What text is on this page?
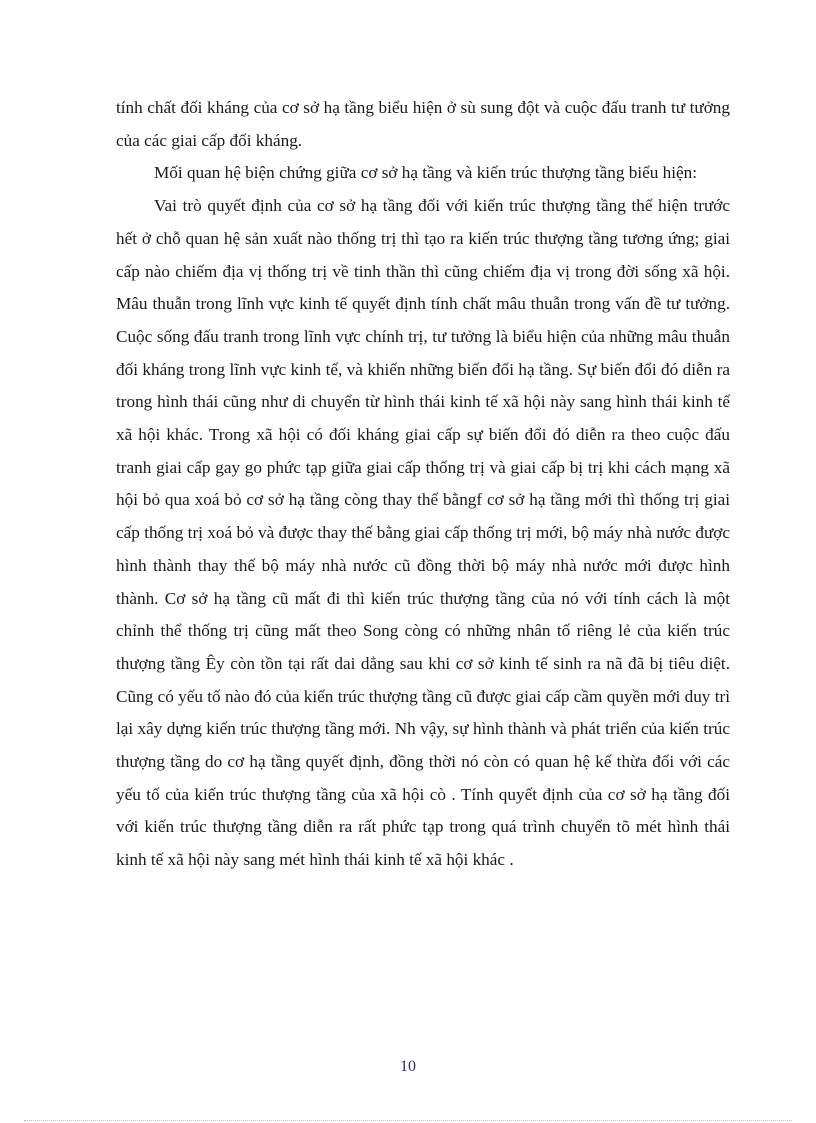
tính chất đối kháng của cơ sở hạ tầng biểu hiện ở sù sung đột và cuộc đấu tranh tư tưởng của các giai cấp đối kháng.

Mối quan hệ biện chứng giữa cơ sở hạ tầng và kiến trúc thượng tầng biểu hiện:

Vai trò quyết định của cơ sở hạ tầng đối với kiến trúc thượng tầng thể hiện trước hết ở chỗ quan hệ sản xuất nào thống trị thì tạo ra kiến trúc thượng tầng tương ứng; giai cấp nào chiếm địa vị thống trị về tinh thần thì cũng chiếm địa vị trong đời sống xã hội. Mâu thuẫn trong lĩnh vực kinh tế quyết định tính chất mâu thuẫn trong vấn đề tư tưởng. Cuộc sống đấu tranh trong lĩnh vực chính trị, tư tưởng là biểu hiện của những mâu thuẫn đối kháng trong lĩnh vực kinh tế, và khiến những biến đổi hạ tầng. Sự biến đổi đó diễn ra trong hình thái cũng như di chuyển từ hình thái kinh tế xã hội này sang hình thái kinh tế xã hội khác. Trong xã hội có đối kháng giai cấp sự biến đổi đó diễn ra theo cuộc đấu tranh giai cấp gay go phức tạp giữa giai cấp thống trị và giai cấp bị trị khi cách mạng xã hội bỏ qua xoá bỏ cơ sở hạ tầng còng thay thế bằngf cơ sở hạ tầng mới thì thống trị giai cấp thống trị xoá bỏ và được thay thế bằng giai cấp thống trị mới, bộ máy nhà nước được hình thành thay thế bộ máy nhà nước cũ đồng thời bộ máy nhà nước mới được hình thành. Cơ sở hạ tầng cũ mất đi thì kiến trúc thượng tầng của nó với tính cách là một chỉnh thể thống trị cũng mất theo Song còng có những nhân tố riêng lẻ của kiến trúc thượng tầng Êy còn tồn tại rất dai dẳng sau khi cơ sở kinh tế sinh ra nã đã bị tiêu diệt. Cũng có yếu tố nào đó của kiến trúc thượng tầng cũ được giai cấp cầm quyền mới duy trì lại xây dựng kiến trúc thượng tầng mới. Nh vậy, sự hình thành và phát triển của kiến trúc thượng tầng do cơ hạ tầng quyết định, đồng thời nó còn có quan hệ kế thừa đối với các yếu tố của kiến trúc thượng tầng của xã hội cò . Tính quyết định của cơ sở hạ tầng đối với kiến trúc thượng tầng diễn ra rất phức tạp trong quá trình chuyển tõ mét hình thái kinh tế xã hội này sang mét hình thái kinh tế xã hội khác .

10
